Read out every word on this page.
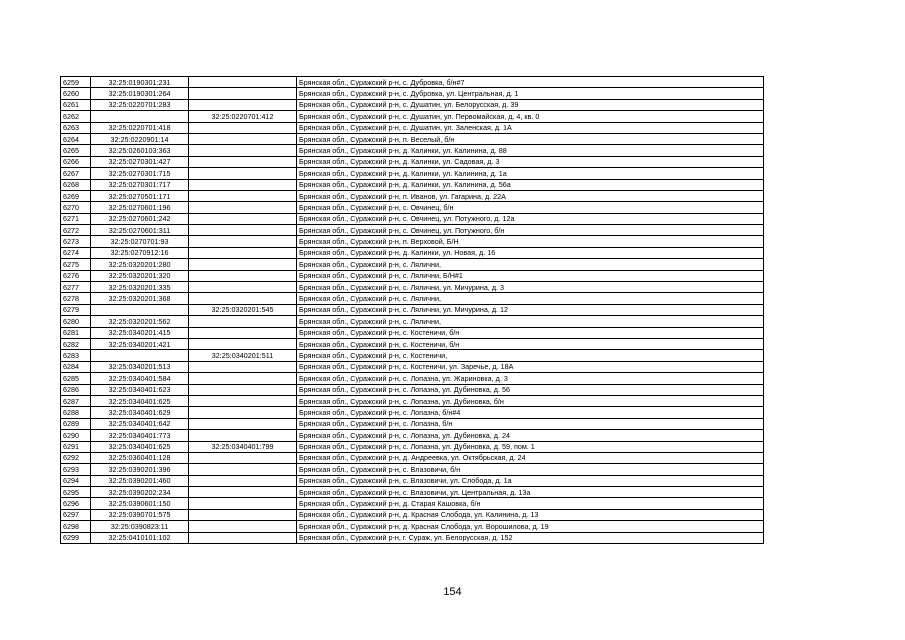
6259	32:25:0190301:231		Брянская обл., Суражский р-н, с. Дубровка, б/н#7
6260	32:25:0190301:264		Брянская обл., Суражский р-н, с. Дубровка, ул. Центральная, д. 1
6261	32:25:0220701:283		Брянская обл., Суражский р-н, с. Душатин, ул. Белорусская, д. 39
6262		32:25:0220701:412	Брянская обл., Суражский р-н, с. Душатин, ул. Первомайская, д. 4, кв. 0
6263	32:25:0220701:418		Брянская обл., Суражский р-н, с. Душатин, ул. Заленская, д. 1А
6264	32:25:0220901:14		Брянская обл., Суражский р-н, п. Веселый, б/н
6265	32:25:0260103:363		Брянская обл., Суражский р-н, д. Калинки, ул. Калинина, д. 88
6266	32:25:0270301:427		Брянская обл., Суражский р-н, д. Калинки, ул. Садовая, д. 3
6267	32:25:0270301:715		Брянская обл., Суражский р-н, д. Калинки, ул. Калинина, д. 1а
6268	32:25:0270301:717		Брянская обл., Суражский р-н, д. Калинки, ул. Калинина, д. 56а
6269	32:25:0270501:171		Брянская обл., Суражский р-н, п. Иванов, ул. Гагарина, д. 22А
6270	32:25:0270601:196		Брянская обл., Суражский р-н, с. Овчинец, б/н
6271	32:25:0270601:242		Брянская обл., Суражский р-н, с. Овчинец, ул. Потужного, д. 12а
6272	32:25:0270601:311		Брянская обл., Суражский р-н, с. Овчинец, ул. Потужного, б/н
6273	32:25:0270701:93		Брянская обл., Суражский р-н, п. Верховой, Б/Н
6274	32:25:0270912:16		Брянская обл., Суражский р-н, д. Калинки, ул. Новая, д. 16
6275	32:25:0320201:280		Брянская обл., Суражский р-н, с. Лялични,
6276	32:25:0320201:320		Брянская обл., Суражский р-н, с. Лялични, Б/Н#1
6277	32:25:0320201:335		Брянская обл., Суражский р-н, с. Лялични, ул. Мичурина, д. 3
6278	32:25:0320201:368		Брянская обл., Суражский р-н, с. Лялични,
6279		32:25:0320201:545	Брянская обл., Суражский р-н, с. Лялични, ул. Мичурина, д. 12
6280	32:25:0320201:562		Брянская обл., Суражский р-н, с. Лялични,
6281	32:25:0340201:415		Брянская обл., Суражский р-н, с. Костеничи, б/н
6282	32:25:0340201:421		Брянская обл., Суражский р-н, с. Костеничи, б/н
6283		32:25:0340201:511	Брянская обл., Суражский р-н, с. Костеничи,
6284	32:25:0340201:513		Брянская обл., Суражский р-н, с. Костеничи, ул. Заречье, д. 18А
6285	32:25:0340401:584		Брянская обл., Суражский р-н, с. Лопазна, ул. Жариновка, д. 3
6286	32:25:0340401:623		Брянская обл., Суражский р-н, с. Лопазна, ул. Дубиновка, д. 56
6287	32:25:0340401:625		Брянская обл., Суражский р-н, с. Лопазна, ул. Дубиновка, б/н
6288	32:25:0340401:629		Брянская обл., Суражский р-н, с. Лопазна, б/н#4
6289	32:25:0340401:642		Брянская обл., Суражский р-н, с. Лопазна, б/н
6290	32:25:0340401:773		Брянская обл., Суражский р-н, с. Лопазна, ул. Дубиновка, д. 24
6291	32:25:0340401:625	32:25:0340401:799	Брянская обл., Суражский р-н, с. Лопазна, ул. Дубиновка, д. 59, пом. 1
6292	32:25:0360401:128		Брянская обл., Суражский р-н, д. Андреевка, ул. Октябрьская, д. 24
6293	32:25:0390201:396		Брянская обл., Суражский р-н, с. Влазовичи, б/н
6294	32:25:0390201:460		Брянская обл., Суражский р-н, с. Влазовичи, ул. Слобода, д. 1а
6295	32:25:0390202:234		Брянская обл., Суражский р-н, с. Влазовичи, ул. Центральная, д. 13а
6296	32:25:0390601:150		Брянская обл., Суражский р-н, д. Старая Кашовка, б/н
6297	32:25:0390701:575		Брянская обл., Суражский р-н, д. Красная Слобода, ул. Калинина, д. 13
6298	32:25:0390823:11		Брянская обл., Суражский р-н, д. Красная Слобода, ул. Ворошилова, д. 19
6299	32:25:0410101:102		Брянская обл., Суражский р-н, г. Сураж, ул. Белорусская, д. 152
154
